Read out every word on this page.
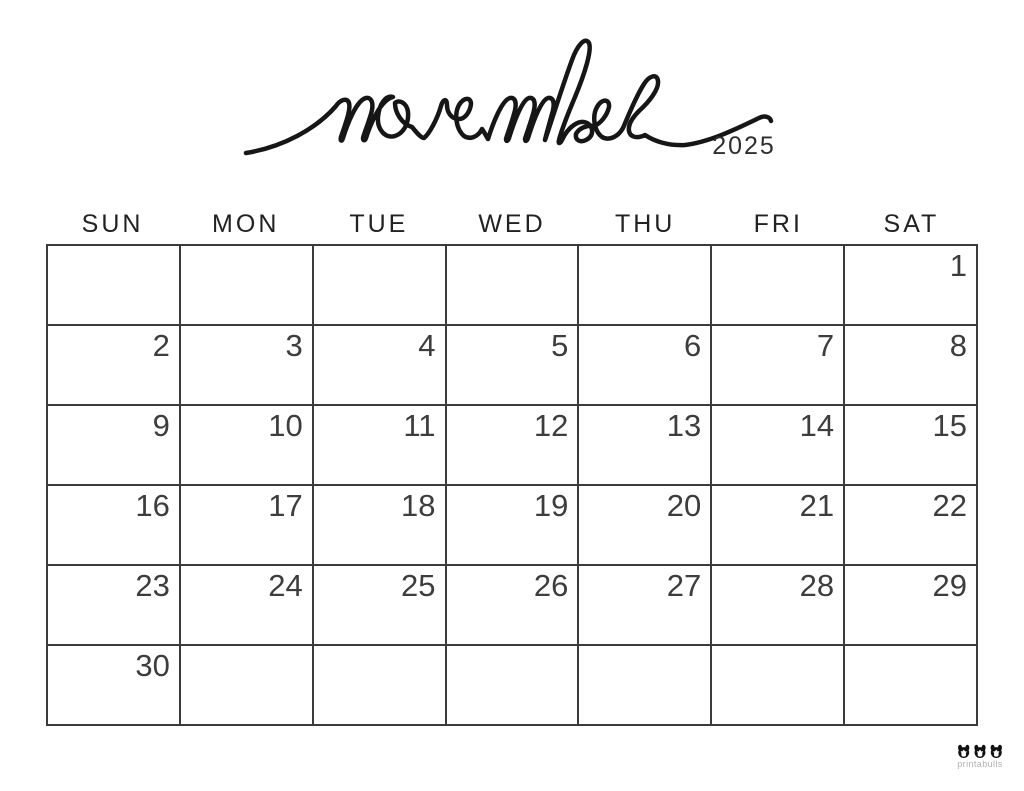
2025
SUN	MON	TUE	WED	THU	FRI	SAT
						1
2	3	4	5	6	7	8
9	10	11	12	13	14	15
16	17	18	19	20	21	22
23	24	25	26	27	28	29
30						
printabulls
